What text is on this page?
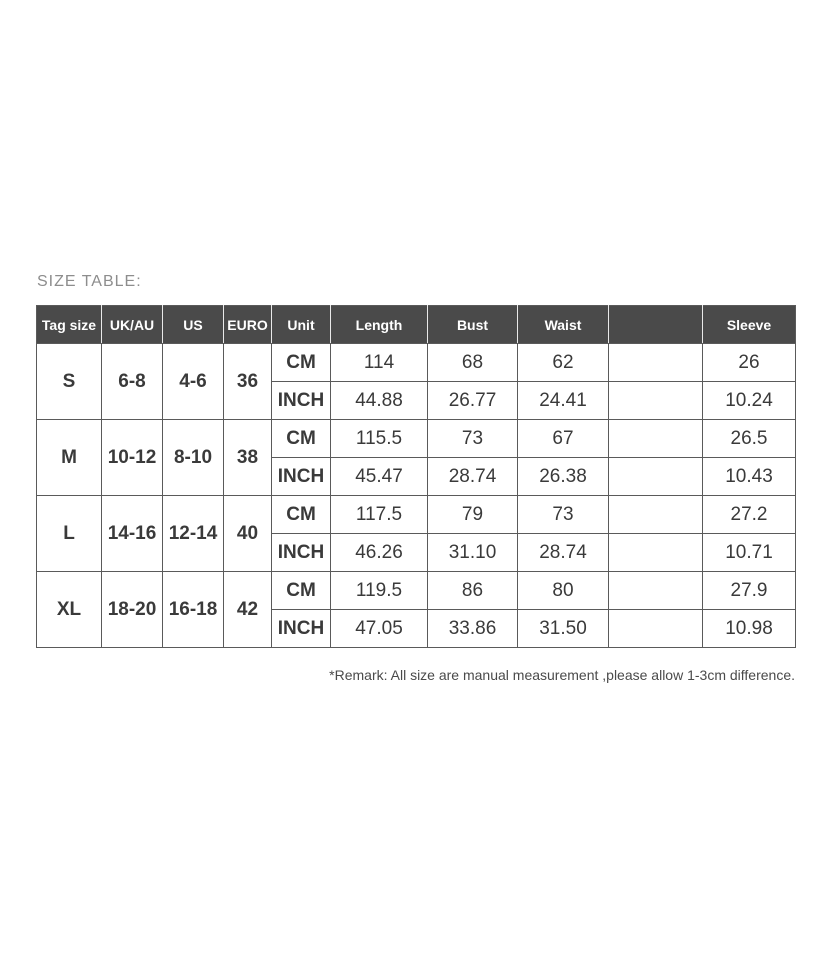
SIZE TABLE:
Tag size	UK/AU	US	EURO	Unit	Length	Bust	Waist		Sleeve
S	6-8	4-6	36	CM	114	68	62		26
				INCH	44.88	26.77	24.41		10.24
M	10-12	8-10	38	CM	115.5	73	67		26.5
				INCH	45.47	28.74	26.38		10.43
L	14-16	12-14	40	CM	117.5	79	73		27.2
				INCH	46.26	31.10	28.74		10.71
XL	18-20	16-18	42	CM	119.5	86	80		27.9
				INCH	47.05	33.86	31.50		10.98
*Remark: All size are manual measurement ,please allow 1-3cm difference.
